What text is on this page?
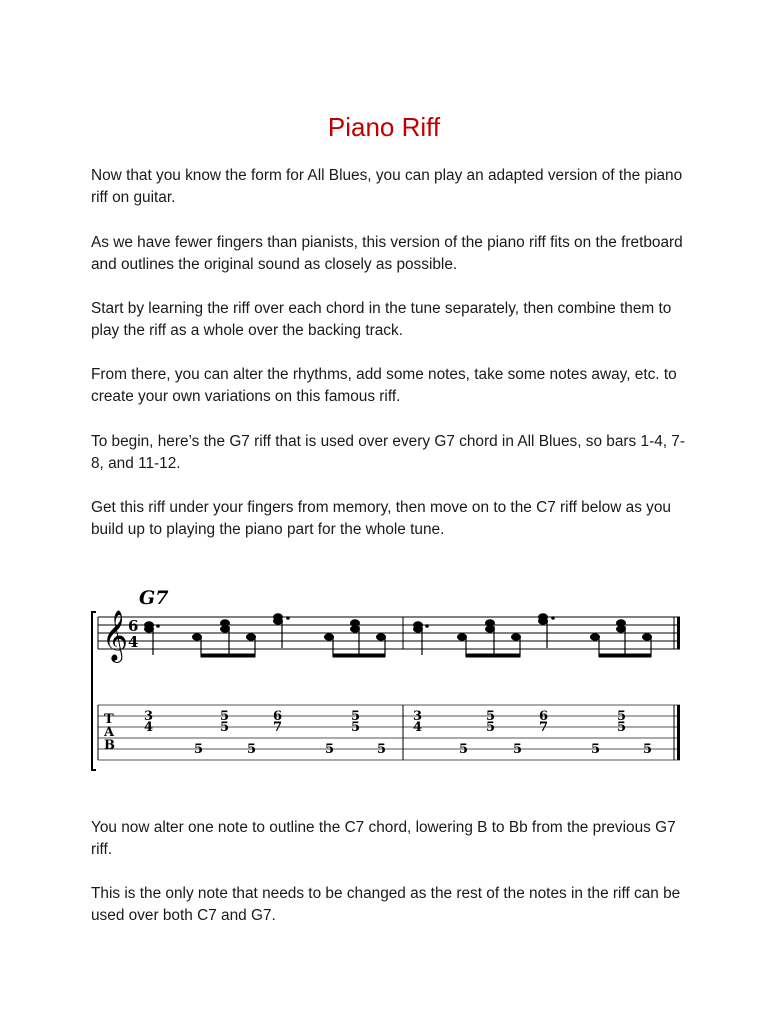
Piano Riff

Now that you know the form for All Blues, you can play an adapted version of the piano riff on guitar.

As we have fewer fingers than pianists, this version of the piano riff fits on the fretboard and outlines the original sound as closely as possible.

Start by learning the riff over each chord in the tune separately, then combine them to play the riff as a whole over the backing track.

From there, you can alter the rhythms, add some notes, take some notes away, etc. to create your own variations on this famous riff.

To begin, here’s the G7 riff that is used over every G7 chord in All Blues, so bars 1-4, 7-8, and 11-12.

Get this riff under your fingers from memory, then move on to the C7 riff below as you build up to playing the piano part for the whole tune.

G7
𝄞 6
4
T
A
B
3
4
5
5
5
5
6
7
5
5
5
5
3
4
5
5
5
5
6
7
5
5
5
5

You now alter one note to outline the C7 chord, lowering B to Bb from the previous G7 riff.

This is the only note that needs to be changed as the rest of the notes in the riff can be used over both C7 and G7.
